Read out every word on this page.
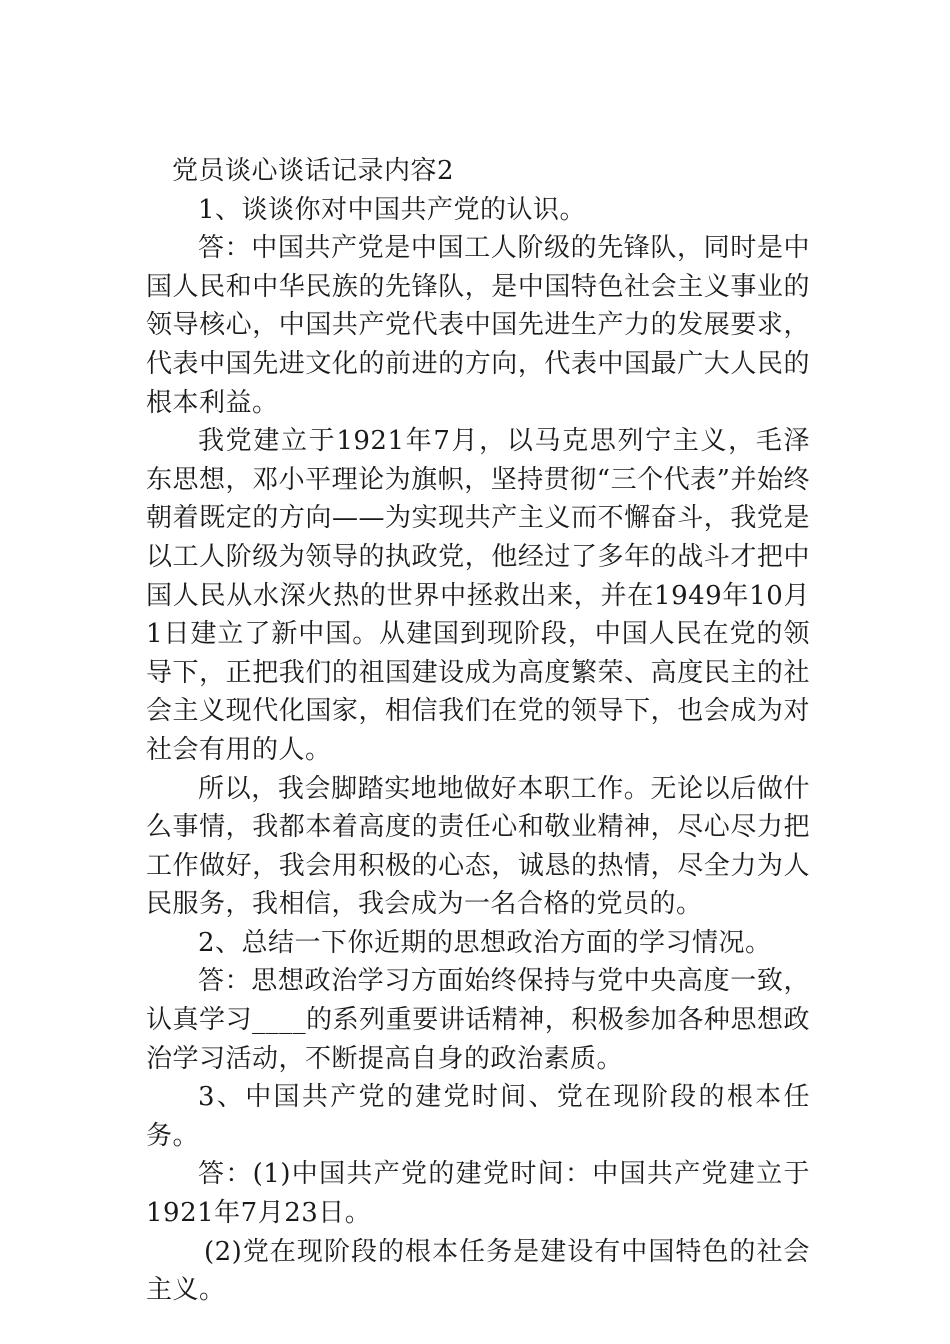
党员谈心谈话记录内容2

1、谈谈你对中国共产党的认识。

答：中国共产党是中国工人阶级的先锋队，同时是中国人民和中华民族的先锋队，是中国特色社会主义事业的领导核心，中国共产党代表中国先进生产力的发展要求，代表中国先进文化的前进的方向，代表中国最广大人民的根本利益。

我党建立于1921年7月，以马克思列宁主义，毛泽东思想，邓小平理论为旗帜，坚持贯彻“三个代表”并始终朝着既定的方向——为实现共产主义而不懈奋斗，我党是以工人阶级为领导的执政党，他经过了多年的战斗才把中国人民从水深火热的世界中拯救出来，并在1949年10月1日建立了新中国。从建国到现阶段，中国人民在党的领导下，正把我们的祖国建设成为高度繁荣、高度民主的社会主义现代化国家，相信我们在党的领导下，也会成为对社会有用的人。

所以，我会脚踏实地地做好本职工作。无论以后做什么事情，我都本着高度的责任心和敬业精神，尽心尽力把工作做好，我会用积极的心态，诚恳的热情，尽全力为人民服务，我相信，我会成为一名合格的党员的。

2、总结一下你近期的思想政治方面的学习情况。

答：思想政治学习方面始终保持与党中央高度一致，认真学习____的系列重要讲话精神，积极参加各种思想政治学习活动，不断提高自身的政治素质。

3、中国共产党的建党时间、党在现阶段的根本任务。

答：(1)中国共产党的建党时间：中国共产党建立于1921年7月23日。

(2)党在现阶段的根本任务是建设有中国特色的社会主义。
